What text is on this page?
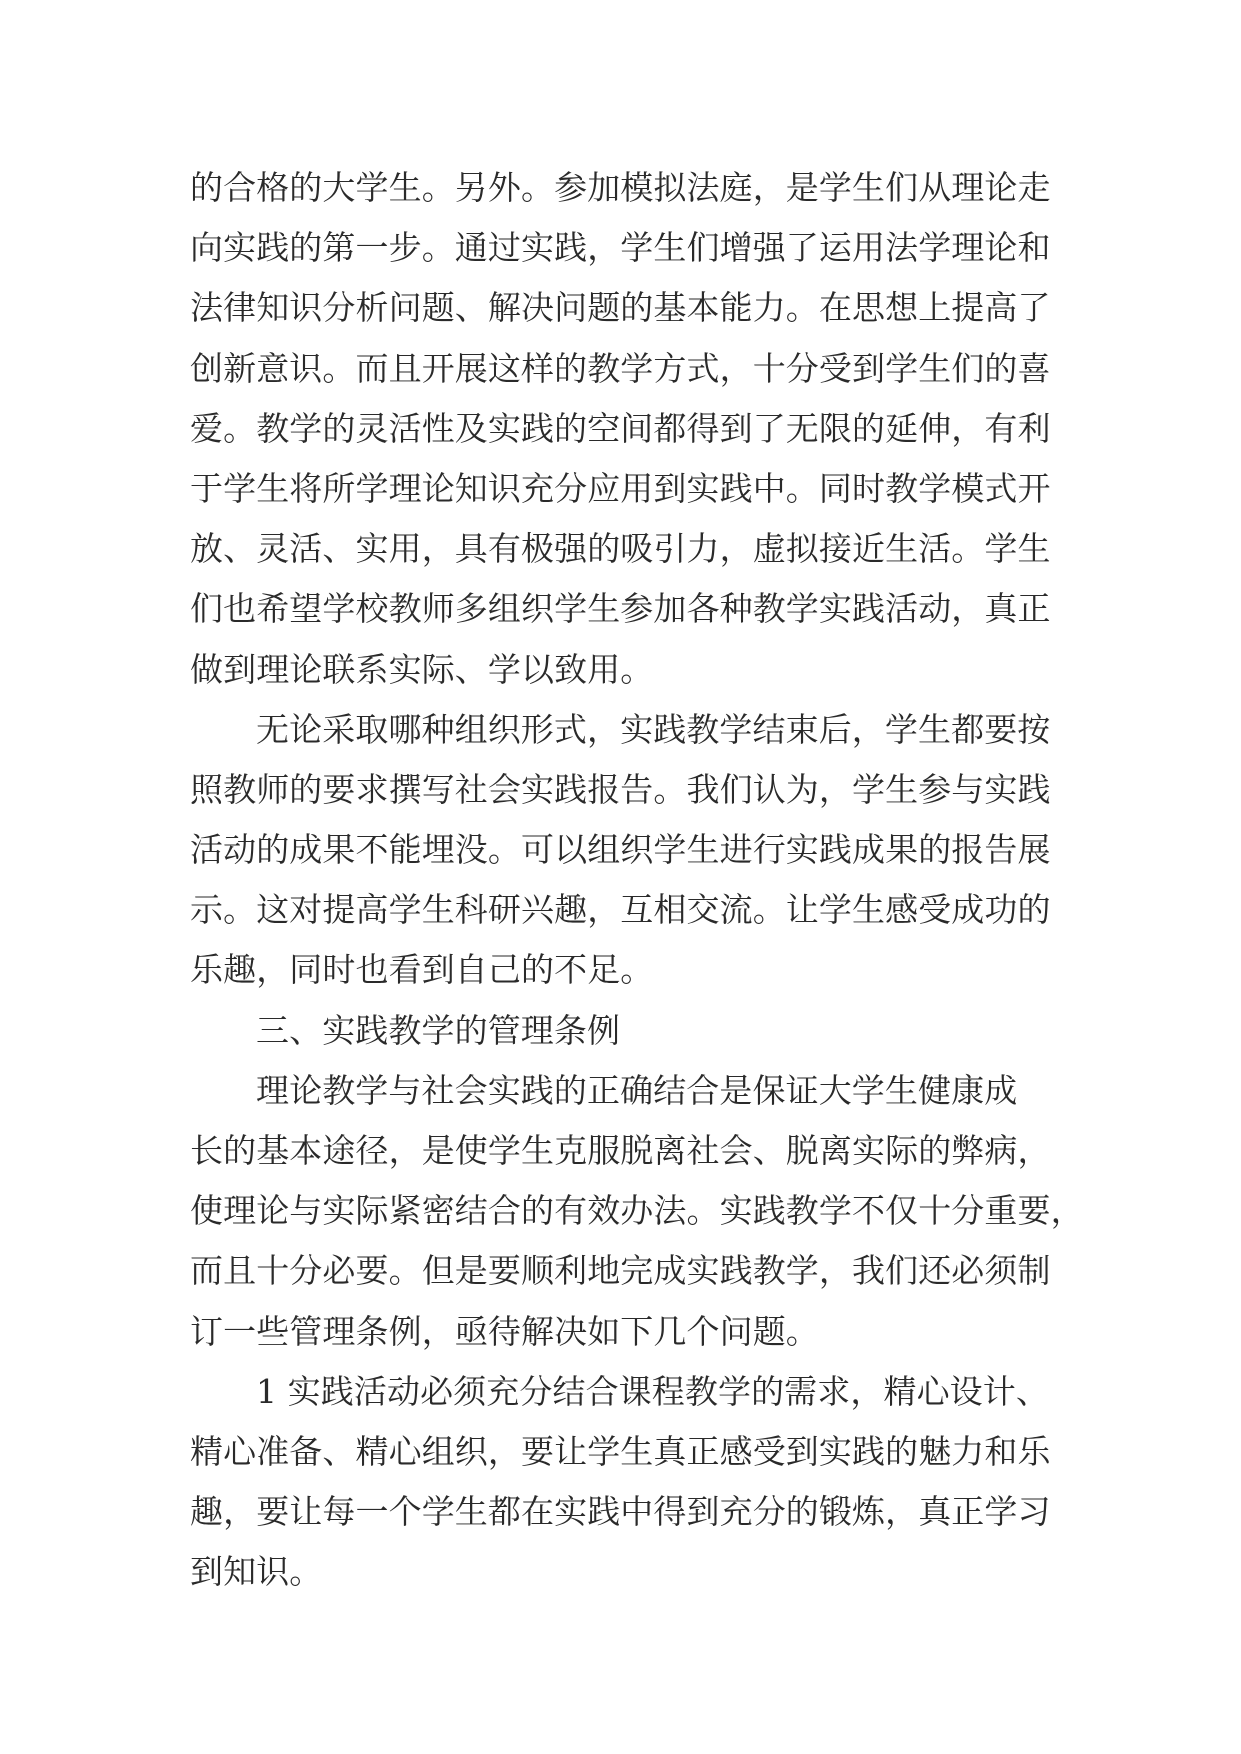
的合格的大学生。另外。参加模拟法庭，是学生们从理论走
向实践的第一步。通过实践，学生们增强了运用法学理论和
法律知识分析问题、解决问题的基本能力。在思想上提高了
创新意识。而且开展这样的教学方式，十分受到学生们的喜
爱。教学的灵活性及实践的空间都得到了无限的延伸，有利
于学生将所学理论知识充分应用到实践中。同时教学模式开
放、灵活、实用，具有极强的吸引力，虚拟接近生活。学生
们也希望学校教师多组织学生参加各种教学实践活动，真正
做到理论联系实际、学以致用。
无论采取哪种组织形式，实践教学结束后，学生都要按
照教师的要求撰写社会实践报告。我们认为，学生参与实践
活动的成果不能埋没。可以组织学生进行实践成果的报告展
示。这对提高学生科研兴趣，互相交流。让学生感受成功的
乐趣，同时也看到自己的不足。
三、实践教学的管理条例
理论教学与社会实践的正确结合是保证大学生健康成
长的基本途径，是使学生克服脱离社会、脱离实际的弊病，
使理论与实际紧密结合的有效办法。实践教学不仅十分重要，
而且十分必要。但是要顺利地完成实践教学，我们还必须制
订一些管理条例，亟待解决如下几个问题。
1 实践活动必须充分结合课程教学的需求，精心设计、
精心准备、精心组织，要让学生真正感受到实践的魅力和乐
趣，要让每一个学生都在实践中得到充分的锻炼，真正学习
到知识。
